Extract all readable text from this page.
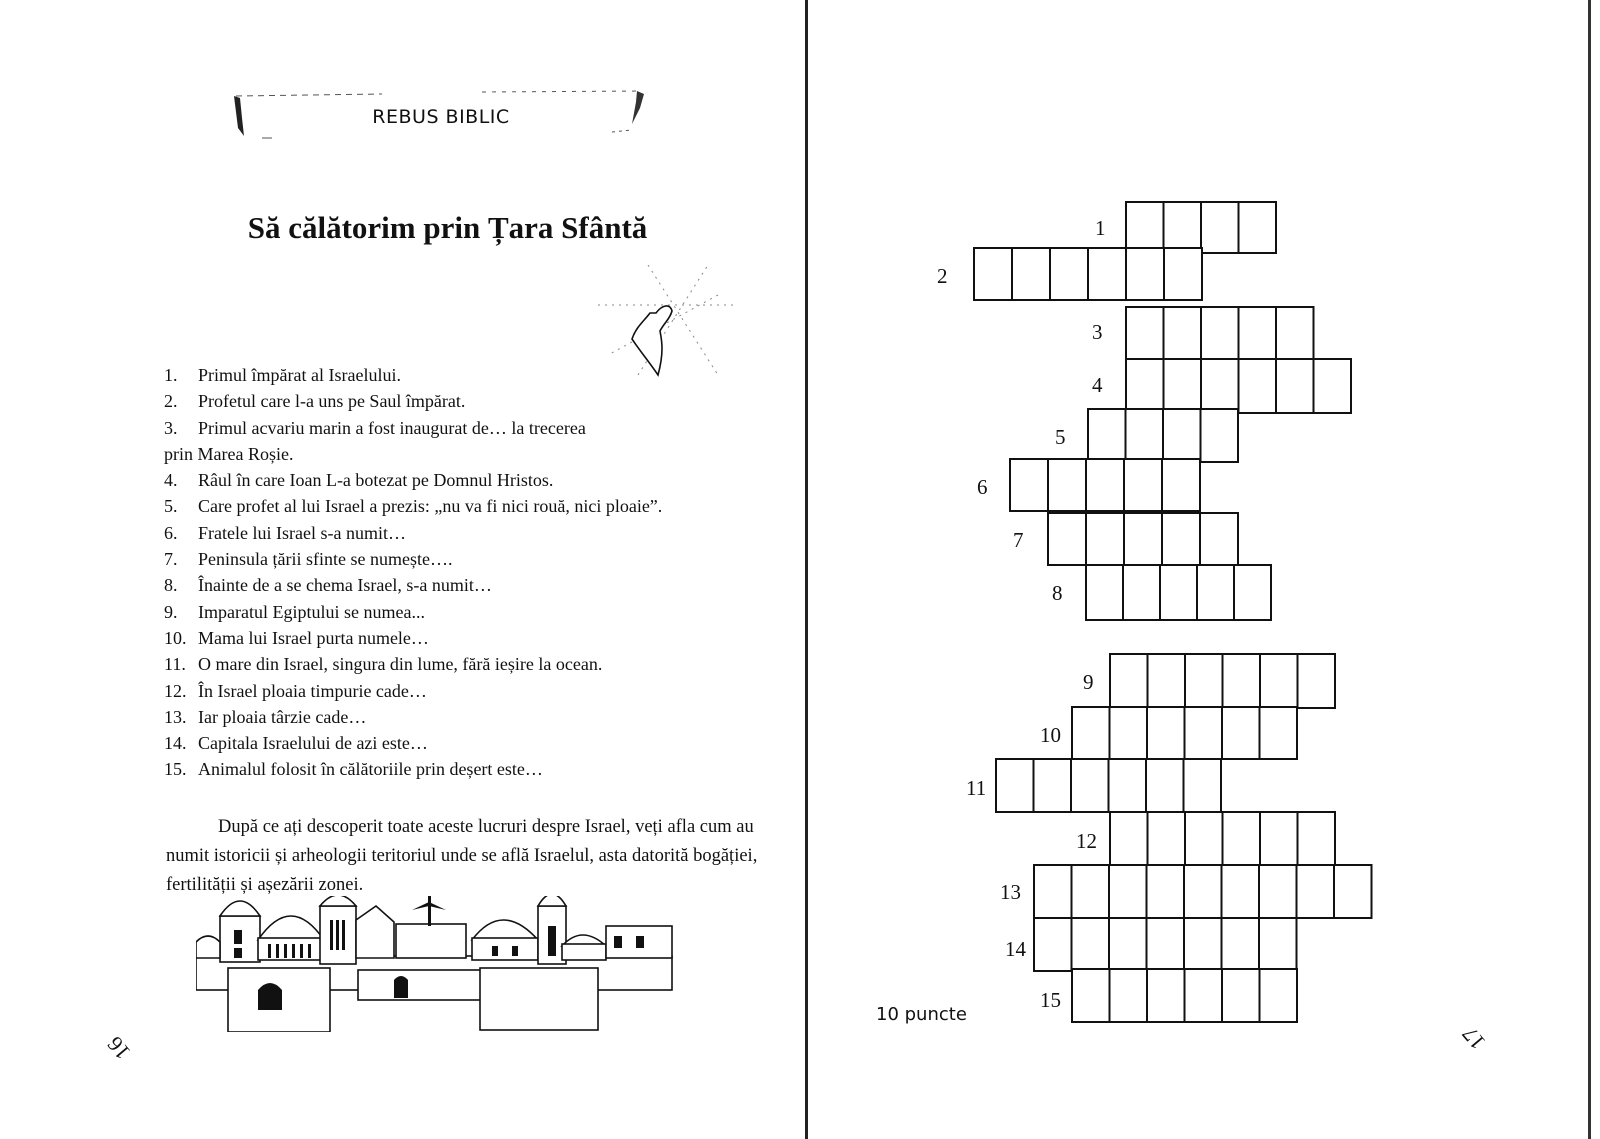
REBUS BIBLIC
Să călătorim prin Țara Sfântă
1. Primul împărat al Israelului.
2. Profetul care l-a uns pe Saul împărat.
3. Primul acvariu marin a fost inaugurat de… la trecerea
prin Marea Roșie.
4. Râul în care Ioan L-a botezat pe Domnul Hristos.
5. Care profet al lui Israel a prezis: „nu va fi nici rouă, nici ploaie”.
6. Fratele lui Israel s-a numit…
7. Peninsula țării sfinte se numește….
8. Înainte de a se chema Israel, s-a numit…
9. Imparatul Egiptului se numea...
10. Mama lui Israel purta numele…
11. O mare din Israel, singura din lume, fără ieșire la ocean.
12. În Israel ploaia timpurie cade…
13. Iar ploaia târzie cade…
14. Capitala Israelului de azi este…
15. Animalul folosit în călătoriile prin deșert este…

După ce ați descoperit toate aceste lucruri despre Israel, veți afla cum au numit istoricii și arheologii teritoriul unde se află Israelul, asta datorită bogăției, fertilității și așezării zonei.

16	17
1
2
3
4
5
6
7
8
9
10
11
12
13
14
15
10 puncte
